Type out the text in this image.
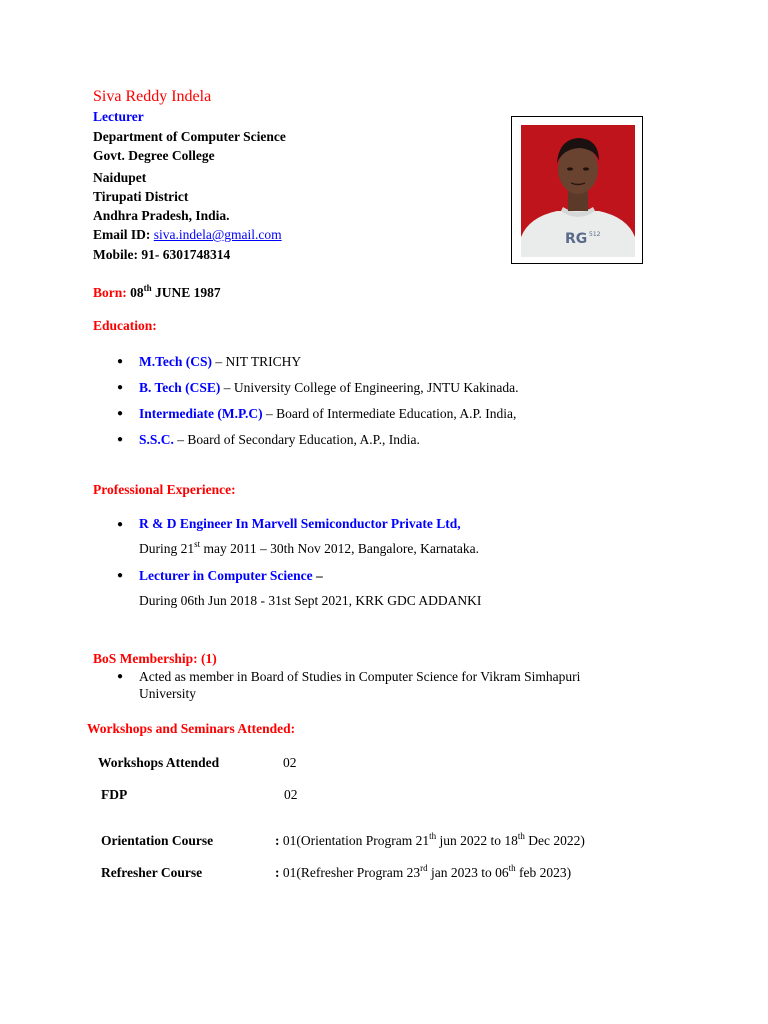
Siva Reddy Indela
Lecturer
Department of Computer Science
Govt. Degree College
Naidupet
Tirupati District
Andhra Pradesh, India.
Email ID: siva.indela@gmail.com
Mobile: 91- 6301748314
RG 512
Born: 08th JUNE 1987
Education:
● M.Tech (CS) – NIT TRICHY
● B. Tech (CSE) – University College of Engineering, JNTU Kakinada.
● Intermediate (M.P.C) – Board of Intermediate Education, A.P. India,
● S.S.C. – Board of Secondary Education, A.P., India.
Professional Experience:
● R & D Engineer In Marvell Semiconductor Private Ltd,
During 21st may 2011 – 30th Nov 2012, Bangalore, Karnataka.
● Lecturer in Computer Science –
During 06th Jun 2018 - 31st Sept 2021, KRK GDC ADDANKI
BoS Membership: (1)
● Acted as member in Board of Studies in Computer Science for Vikram Simhapuri
University
Workshops and Seminars Attended:
Workshops Attended	02
FDP	02
Orientation Course	: 01(Orientation Program 21th jun 2022 to 18th Dec 2022)
Refresher Course	: 01(Refresher Program 23rd jan 2023 to 06th feb 2023)
